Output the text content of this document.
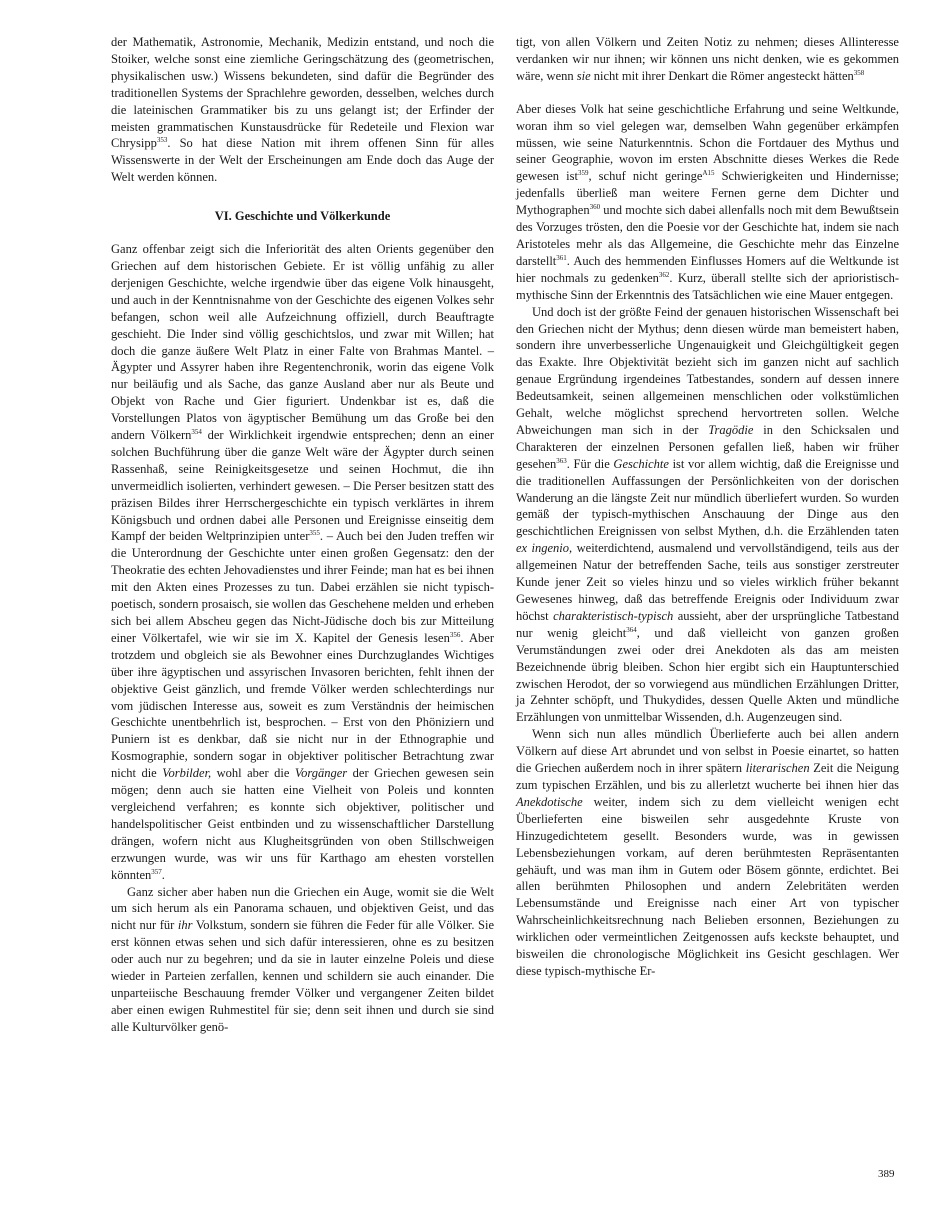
der Mathematik, Astronomie, Mechanik, Medizin entstand, und noch die Stoiker, welche sonst eine ziemliche Geringschätzung des (geometrischen, physikalischen usw.) Wissens bekundeten, sind dafür die Begründer des traditionellen Systems der Sprachlehre geworden, desselben, welches durch die lateinischen Grammatiker bis zu uns gelangt ist; der Erfinder der meisten grammatischen Kunstausdrücke für Redeteile und Flexion war Chrysipp$^{353}$. So hat diese Nation mit ihrem offenen Sinn für alles Wissenswerte in der Welt der Erscheinungen am Ende doch das Auge der Welt werden können.

VI. Geschichte und Völkerkunde

Ganz offenbar zeigt sich die Inferiorität des alten Orients gegenüber den Griechen auf dem historischen Gebiete. Er ist völlig unfähig zu aller derjenigen Geschichte, welche irgendwie über das eigene Volk hinausgeht, und auch in der Kenntnisnahme von der Geschichte des eigenen Volkes sehr befangen, schon weil alle Aufzeichnung offiziell, durch Beauftragte geschieht. Die Inder sind völlig geschichtslos, und zwar mit Willen; hat doch die ganze äußere Welt Platz in einer Falte von Brahmas Mantel. – Ägypter und Assyrer haben ihre Regentenchronik, worin das eigene Volk nur beiläufig und als Sache, das ganze Ausland aber nur als Beute und Objekt von Rache und Gier figuriert. Undenkbar ist es, daß die Vorstellungen Platos von ägyptischer Bemühung um das Große bei den andern Völkern$^{354}$ der Wirklichkeit irgendwie entsprechen; denn an einer solchen Buchführung über die ganze Welt wäre der Ägypter durch seinen Rassenhaß, seine Reinigkeitsgesetze und seinen Hochmut, die ihn unvermeidlich isolierten, verhindert gewesen. – Die Perser besitzen statt des präzisen Bildes ihrer Herrschergeschichte ein typisch verklärtes in ihrem Königsbuch und ordnen dabei alle Personen und Ereignisse einseitig dem Kampf der beiden Weltprinzipien unter$^{355}$. – Auch bei den Juden treffen wir die Unterordnung der Geschichte unter einen großen Gegensatz: den der Theokratie des echten Jehovadienstes und ihrer Feinde; man hat es bei ihnen mit den Akten eines Prozesses zu tun. Dabei erzählen sie nicht typisch-poetisch, sondern prosaisch, sie wollen das Geschehene melden und erheben sich bei allem Abscheu gegen das Nicht-Jüdische doch bis zur Mitteilung einer Völkertafel, wie wir sie im X. Kapitel der Genesis lesen$^{356}$. Aber trotzdem und obgleich sie als Bewohner eines Durchzuglandes Wichtiges über ihre ägyptischen und assyrischen Invasoren berichten, fehlt ihnen der objektive Geist gänzlich, und fremde Völker werden schlechterdings nur vom jüdischen Interesse aus, soweit es zum Verständnis der heimischen Geschichte unentbehrlich ist, besprochen. – Erst von den Phöniziern und Puniern ist es denkbar, daß sie nicht nur in der Ethnographie und Kosmographie, sondern sogar in objektiver politischer Betrachtung zwar nicht die Vorbilder, wohl aber die Vorgänger der Griechen gewesen sein mögen; denn auch sie hatten eine Vielheit von Poleis und konnten vergleichend verfahren; es konnte sich objektiver, politischer und handelspolitischer Geist entbinden und zu wissenschaftlicher Darstellung drängen, wofern nicht aus Klugheitsgründen von oben Stillschweigen erzwungen wurde, was wir uns für Karthago am ehesten vorstellen könnten$^{357}$.

Ganz sicher aber haben nun die Griechen ein Auge, womit sie die Welt um sich herum als ein Panorama schauen, und objektiven Geist, und das nicht nur für ihr Volkstum, sondern sie führen die Feder für alle Völker. Sie erst können etwas sehen und sich dafür interessieren, ohne es zu besitzen oder auch nur zu begehren; und da sie in lauter einzelne Poleis und diese wieder in Parteien zerfallen, kennen und schildern sie auch einander. Die unparteiische Beschauung fremder Völker und vergangener Zeiten bildet aber einen ewigen Ruhmestitel für sie; denn seit ihnen und durch sie sind alle Kulturvölker genö-

tigt, von allen Völkern und Zeiten Notiz zu nehmen; dieses Allinteresse verdanken wir nur ihnen; wir können uns nicht denken, wie es gekommen wäre, wenn sie nicht mit ihrer Denkart die Römer angesteckt hätten$^{358}$

Aber dieses Volk hat seine geschichtliche Erfahrung und seine Weltkunde, woran ihm so viel gelegen war, demselben Wahn gegenüber erkämpfen müssen, wie seine Naturkenntnis. Schon die Fortdauer des Mythus und seiner Geographie, wovon im ersten Abschnitte dieses Werkes die Rede gewesen ist$^{359}$, schuf nicht geringe$^{A15}$ Schwierigkeiten und Hindernisse; jedenfalls überließ man weitere Fernen gerne dem Dichter und Mythographen$^{360}$ und mochte sich dabei allenfalls noch mit dem Bewußtsein des Vorzuges trösten, den die Poesie vor der Geschichte hat, indem sie nach Aristoteles mehr als das Allgemeine, die Geschichte mehr das Einzelne darstellt$^{361}$. Auch des hemmenden Einflusses Homers auf die Weltkunde ist hier nochmals zu gedenken$^{362}$. Kurz, überall stellte sich der aprioristisch-mythische Sinn der Erkenntnis des Tatsächlichen wie eine Mauer entgegen.

Und doch ist der größte Feind der genauen historischen Wissenschaft bei den Griechen nicht der Mythus; denn diesen würde man bemeistert haben, sondern ihre unverbesserliche Ungenauigkeit und Gleichgültigkeit gegen das Exakte. Ihre Objektivität bezieht sich im ganzen nicht auf sachlich genaue Ergründung irgendeines Tatbestandes, sondern auf dessen innere Bedeutsamkeit, seinen allgemeinen menschlichen oder volkstümlichen Gehalt, welche möglichst sprechend hervortreten sollen. Welche Abweichungen man sich in der Tragödie in den Schicksalen und Charakteren der einzelnen Personen gefallen ließ, haben wir früher gesehen$^{363}$. Für die Geschichte ist vor allem wichtig, daß die Ereignisse und die traditionellen Auffassungen der Persönlichkeiten von der dorischen Wanderung an die längste Zeit nur mündlich überliefert wurden. So wurden gemäß der typisch-mythischen Anschauung der Dinge aus den geschichtlichen Ereignissen von selbst Mythen, d.h. die Erzählenden taten ex ingenio, weiterdichtend, ausmalend und vervollständigend, teils aus der allgemeinen Natur der betreffenden Sache, teils aus sonstiger zerstreuter Kunde jener Zeit so vieles hinzu und so vieles wirklich früher bekannt Gewesenes hinweg, daß das betreffende Ereignis oder Individuum zwar höchst charakteristisch-typisch aussieht, aber der ursprüngliche Tatbestand nur wenig gleicht$^{364}$, und daß vielleicht von ganzen großen Verumständungen zwei oder drei Anekdoten als das am meisten Bezeichnende übrig bleiben. Schon hier ergibt sich ein Hauptunterschied zwischen Herodot, der so vorwiegend aus mündlichen Erzählungen Dritter, ja Zehnter schöpft, und Thukydides, dessen Quelle Akten und mündliche Erzählungen von unmittelbar Wissenden, d.h. Augenzeugen sind.

Wenn sich nun alles mündlich Überlieferte auch bei allen andern Völkern auf diese Art abrundet und von selbst in Poesie einartet, so hatten die Griechen außerdem noch in ihrer spätern literarischen Zeit die Neigung zum typischen Erzählen, und bis zu allerletzt wucherte bei ihnen hier das Anekdotische weiter, indem sich zu dem vielleicht wenigen echt Überlieferten eine bisweilen sehr ausgedehnte Kruste von Hinzugedichtetem gesellt. Besonders wurde, was in gewissen Lebensbeziehungen vorkam, auf deren berühmtesten Repräsentanten gehäuft, und was man ihm in Gutem oder Bösem gönnte, erdichtet. Bei allen berühmten Philosophen und andern Zelebritäten werden Lebensumstände und Ereignisse nach einer Art von typischer Wahrscheinlichkeitsrechnung nach Belieben ersonnen, Beziehungen zu wirklichen oder vermeintlichen Zeitgenossen aufs keckste behauptet, und bisweilen die chronologische Möglichkeit ins Gesicht geschlagen. Wer diese typisch-mythische Er-

389
